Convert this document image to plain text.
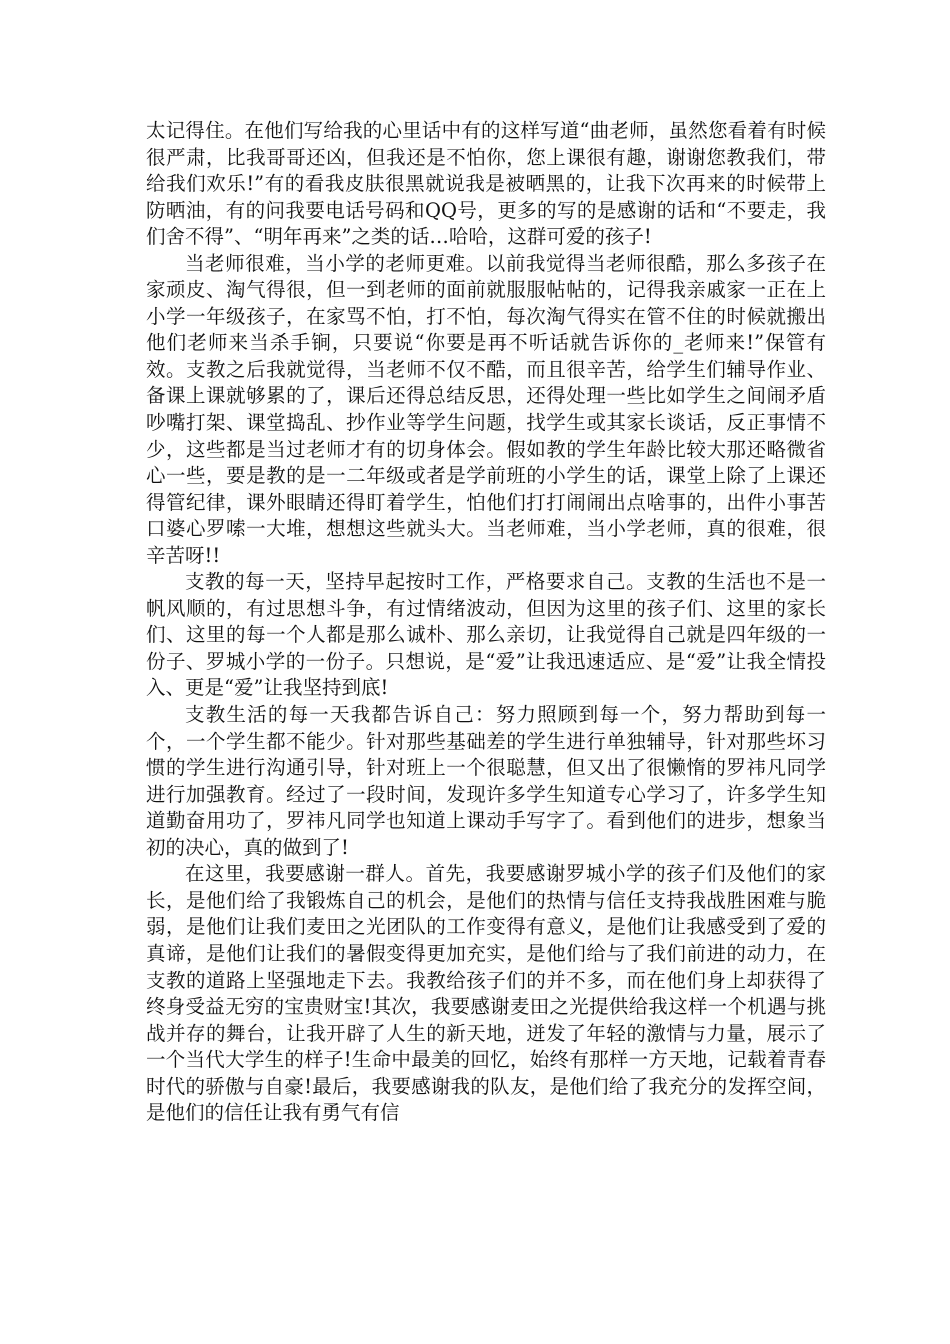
太记得住。在他们写给我的心里话中有的这样写道“曲老师，虽然您看着有时候很严肃，比我哥哥还凶，但我还是不怕你，您上课很有趣，谢谢您教我们，带给我们欢乐!”有的看我皮肤很黑就说我是被晒黑的，让我下次再来的时候带上防晒油，有的问我要电话号码和QQ号，更多的写的是感谢的话和“不要走，我们舍不得”、“明年再来”之类的话…哈哈，这群可爱的孩子!

当老师很难，当小学的老师更难。以前我觉得当老师很酷，那么多孩子在家顽皮、淘气得很，但一到老师的面前就服服帖帖的，记得我亲戚家一正在上小学一年级孩子，在家骂不怕，打不怕，每次淘气得实在管不住的时候就搬出他们老师来当杀手锏，只要说“你要是再不听话就告诉你的_老师来!”保管有效。支教之后我就觉得，当老师不仅不酷，而且很辛苦，给学生们辅导作业、备课上课就够累的了，课后还得总结反思，还得处理一些比如学生之间闹矛盾吵嘴打架、课堂捣乱、抄作业等学生问题，找学生或其家长谈话，反正事情不少，这些都是当过老师才有的切身体会。假如教的学生年龄比较大那还略微省心一些，要是教的是一二年级或者是学前班的小学生的话，课堂上除了上课还得管纪律，课外眼睛还得盯着学生，怕他们打打闹闹出点啥事的，出件小事苦口婆心罗嗦一大堆，想想这些就头大。当老师难，当小学老师，真的很难，很辛苦呀!!

支教的每一天，坚持早起按时工作，严格要求自己。支教的生活也不是一帆风顺的，有过思想斗争，有过情绪波动，但因为这里的孩子们、这里的家长们、这里的每一个人都是那么诚朴、那么亲切，让我觉得自己就是四年级的一份子、罗城小学的一份子。只想说，是“爱”让我迅速适应、是“爱”让我全情投入、更是“爱”让我坚持到底!

支教生活的每一天我都告诉自己：努力照顾到每一个，努力帮助到每一个，一个学生都不能少。针对那些基础差的学生进行单独辅导，针对那些坏习惯的学生进行沟通引导，针对班上一个很聪慧，但又出了很懒惰的罗祎凡同学进行加强教育。经过了一段时间，发现许多学生知道专心学习了，许多学生知道勤奋用功了，罗祎凡同学也知道上课动手写字了。看到他们的进步，想象当初的决心，真的做到了!

在这里，我要感谢一群人。首先，我要感谢罗城小学的孩子们及他们的家长，是他们给了我锻炼自己的机会，是他们的热情与信任支持我战胜困难与脆弱，是他们让我们麦田之光团队的工作变得有意义，是他们让我感受到了爱的真谛，是他们让我们的暑假变得更加充实，是他们给与了我们前进的动力，在支教的道路上坚强地走下去。我教给孩子们的并不多，而在他们身上却获得了终身受益无穷的宝贵财宝!其次，我要感谢麦田之光提供给我这样一个机遇与挑战并存的舞台，让我开辟了人生的新天地，迸发了年轻的激情与力量，展示了一个当代大学生的样子!生命中最美的回忆，始终有那样一方天地，记载着青春时代的骄傲与自豪!最后，我要感谢我的队友，是他们给了我充分的发挥空间，是他们的信任让我有勇气有信
